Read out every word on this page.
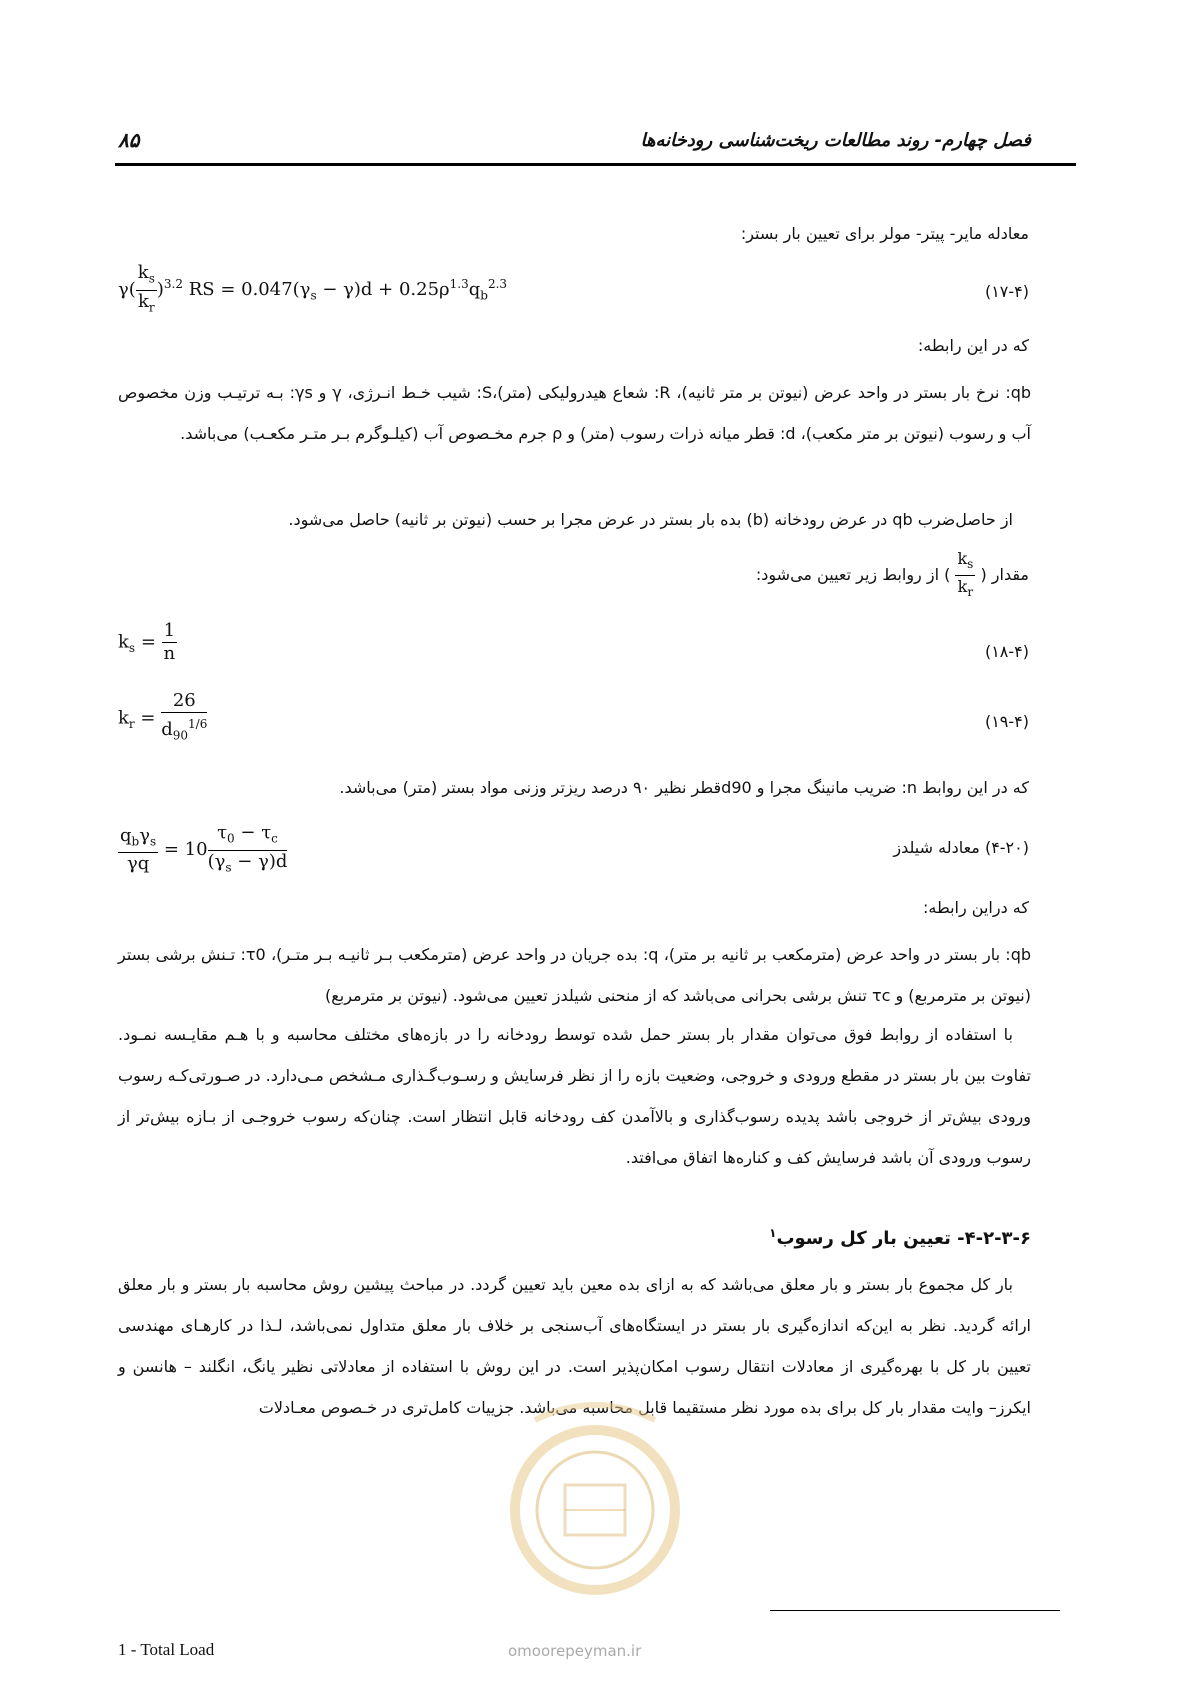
فصل چهارم- روند مطالعات ریخت‌شناسی رودخانه‌ها
۸۵
معادله مایر- پیتر- مولر برای تعیین بار بستر:
$\gamma( \frac{k_s}{k_r} )^{3.2}$ RS = $0.047(\gamma_s - \gamma)d + 0.25\rho^{1.3}q_b^{2.3}$	(۱۷-۴)
که در این رابطه:
qb: نرخ بار بستر در واحد عرض (نیوتن بر متر ثانیه)، R: شعاع هیدرولیکی (متر)،S: شیب خـط انـرژی، γ و γs: بـه ترتیـب وزن مخصوص آب و رسوب (نیوتن بر متر مکعب)، d: قطر میانه ذرات رسوب (متر) و ρ جرم مخـصوص آب (کیلـوگرم بـر متـر مکعـب) می‌باشد.
از حاصل‌ضرب qb در عرض رودخانه (b) بده بار بستر در عرض مجرا بر حسب (نیوتن بر ثانیه) حاصل می‌شود.
مقدار (
$\frac{k_s}{k_r}$
) از روابط زیر تعیین می‌شود:
$k_s = \frac{1}{n}$	(۱۸-۴)
$k_r = \frac{26}{d_{90}^{1/6}}$	(۱۹-۴)
که در این روابط n: ضریب مانینگ مجرا و d90قطر نظیر ۹۰ درصد ریزتر وزنی مواد بستر (متر) می‌باشد.
$\frac{q_b\gamma_s}{\gamma q} = 10 \frac{\tau_0 - \tau_c}{(\gamma_s - \gamma)d}$	(۴-۲۰) معادله شیلدز
که دراین رابطه:
qb: بار بستر در واحد عرض (مترمکعب بر ثانیه بر متر)، q: بده جریان در واحد عرض (مترمکعب بـر ثانیـه بـر متـر)، τ0: تـنش برشی بستر (نیوتن بر مترمربع) و τc تنش برشی بحرانی می‌باشد که از منحنی شیلدز تعیین می‌شود. (نیوتن بر مترمربع)
با استفاده از روابط فوق می‌توان مقدار بار بستر حمل شده توسط رودخانه را در بازه‌های مختلف محاسبه و با هـم مقایـسه نمـود. تفاوت بین بار بستر در مقطع ورودی و خروجی، وضعیت بازه را از نظر فرسایش و رسـوب‌گـذاری مـشخص مـی‌دارد. در صـورتی‌کـه رسوب ورودی بیش‌تر از خروجی باشد پدیده رسوب‌گذاری و بالاآمدن کف رودخانه قابل انتظار است. چنان‌که رسوب خروجـی از بـازه بیش‌تر از رسوب ورودی آن باشد فرسایش کف و کناره‌ها اتفاق می‌افتد.
۴-۲-۳-۶- تعیین بار کل رسوب$^۱$
بار کل مجموع بار بستر و بار معلق می‌باشد که به ازای بده معین باید تعیین گردد. در مباحث پیشین روش محاسبه بار بستر و بار معلق ارائه گردید. نظر به این‌که اندازه‌گیری بار بستر در ایستگاه‌های آب‌سنجی بر خلاف بار معلق متداول نمی‌باشد، لـذا در کارهـای مهندسی تعیین بار کل با بهره‌گیری از معادلات انتقال رسوب امکان‌پذیر است. در این روش با استفاده از معادلاتی نظیر یانگ، انگلند – هانسن و ایکرز– وایت مقدار بار کل برای بده مورد نظر مستقیما قابل محاسبه می‌باشد. جزییات کامل‌تری در خـصوص معـادلات
omoorepeyman.ir
1 - Total Load
